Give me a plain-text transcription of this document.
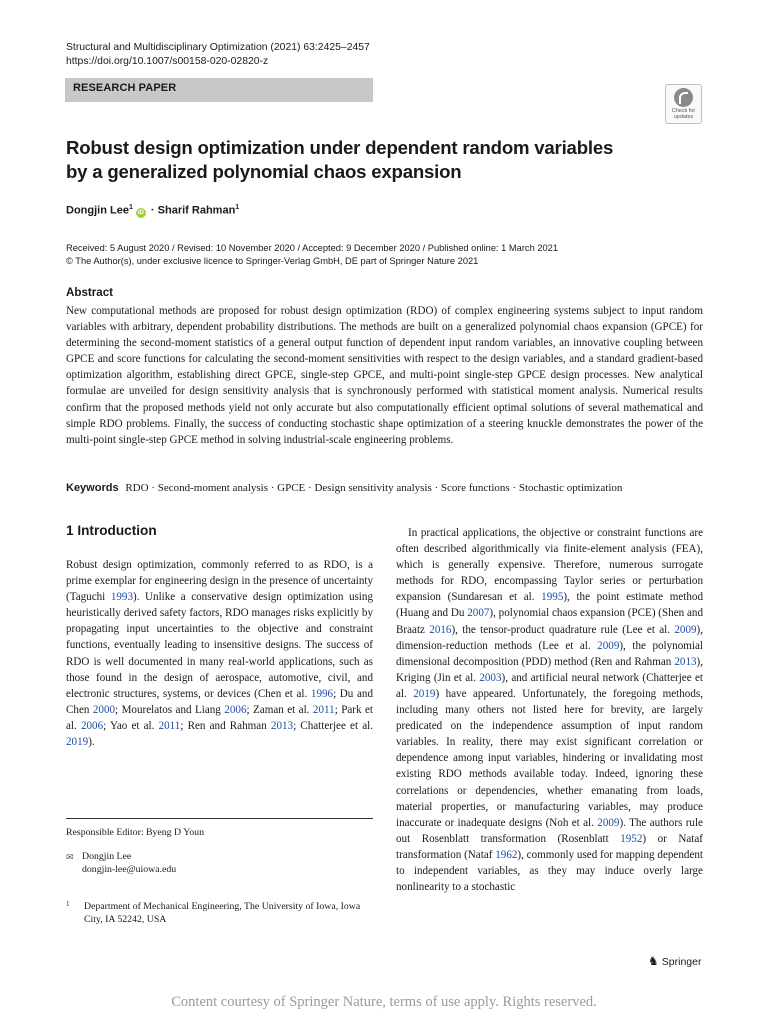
Structural and Multidisciplinary Optimization (2021) 63:2425–2457
https://doi.org/10.1007/s00158-020-02820-z
RESEARCH PAPER
Check for
updates
Robust design optimization under dependent random variables
by a generalized polynomial chaos expansion
Dongjin Lee$^1$iD · Sharif Rahman$^1$
Received: 5 August 2020 / Revised: 10 November 2020 / Accepted: 9 December 2020 / Published online: 1 March 2021
© The Author(s), under exclusive licence to Springer-Verlag GmbH, DE part of Springer Nature 2021
Abstract
New computational methods are proposed for robust design optimization (RDO) of complex engineering systems subject to input random variables with arbitrary, dependent probability distributions. The methods are built on a generalized polynomial chaos expansion (GPCE) for determining the second-moment statistics of a general output function of dependent input random variables, an innovative coupling between GPCE and score functions for calculating the second-moment sensitivities with respect to the design variables, and a standard gradient-based optimization algorithm, establishing direct GPCE, single-step GPCE, and multi-point single-step GPCE design processes. New analytical formulae are unveiled for design sensitivity analysis that is synchronously performed with statistical moment analysis. Numerical results confirm that the proposed methods yield not only accurate but also computationally efficient optimal solutions of several mathematical and simple RDO problems. Finally, the success of conducting stochastic shape optimization of a steering knuckle demonstrates the power of the multi-point single-step GPCE method in solving industrial-scale engineering problems.
Keywords RDO · Second-moment analysis · GPCE · Design sensitivity analysis · Score functions · Stochastic optimization
1 Introduction
Robust design optimization, commonly referred to as RDO, is a prime exemplar for engineering design in the presence of uncertainty (Taguchi 1993). Unlike a conservative design optimization using heuristically derived safety factors, RDO manages risks explicitly by propagating input uncertainties to the objective and constraint functions, eventually leading to insensitive designs. The success of RDO is well documented in many real-world applications, such as those found in the design of aerospace, automotive, civil, and electronic structures, systems, or devices (Chen et al. 1996; Du and Chen 2000; Mourelatos and Liang 2006; Zaman et al. 2011; Park et al. 2006; Yao et al. 2011; Ren and Rahman 2013; Chatterjee et al. 2019).
In practical applications, the objective or constraint functions are often described algorithmically via finite-element analysis (FEA), which is generally expensive. Therefore, numerous surrogate methods for RDO, encompassing Taylor series or perturbation expansion (Sundaresan et al. 1995), the point estimate method (Huang and Du 2007), polynomial chaos expansion (PCE) (Shen and Braatz 2016), the tensor-product quadrature rule (Lee et al. 2009), dimension-reduction methods (Lee et al. 2009), the polynomial dimensional decomposition (PDD) method (Ren and Rahman 2013), Kriging (Jin et al. 2003), and artificial neural network (Chatterjee et al. 2019) have appeared. Unfortunately, the foregoing methods, including many others not listed here for brevity, are largely predicated on the independence assumption of input random variables. In reality, there may exist significant correlation or dependence among input variables, hindering or invalidating most existing RDO methods available today. Indeed, ignoring these correlations or dependencies, whether emanating from loads, material properties, or manufacturing variables, may produce inaccurate or inadequate designs (Noh et al. 2009). The authors rule out Rosenblatt transformation (Rosenblatt 1952) or Nataf transformation (Nataf 1962), commonly used for mapping dependent to independent variables, as they may induce overly large nonlinearity to a stochastic
Responsible Editor: Byeng D Youn
✉ Dongjin Lee
dongjin-lee@uiowa.edu
1 Department of Mechanical Engineering, The University of Iowa, Iowa City, IA 52242, USA
♞ Springer
Content courtesy of Springer Nature, terms of use apply. Rights reserved.
